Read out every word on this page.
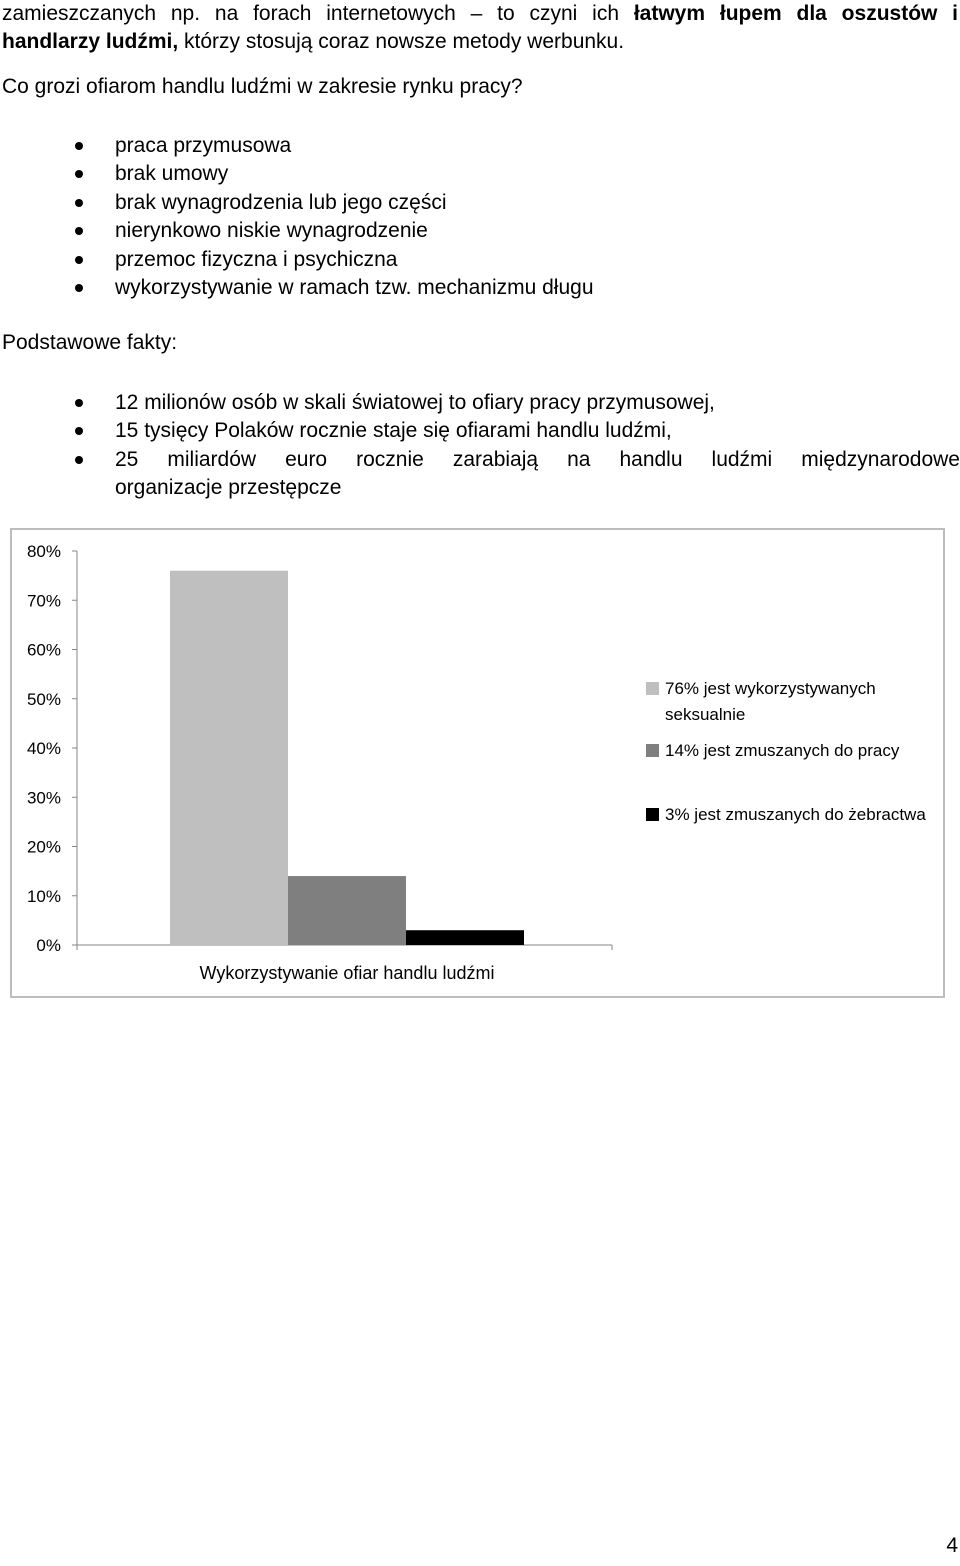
zamieszczanych np. na forach internetowych – to czyni ich łatwym łupem dla oszustów i
handlarzy ludźmi, którzy stosują coraz nowsze metody werbunku.
Co grozi ofiarom handlu ludźmi w zakresie rynku pracy?
praca przymusowa
brak umowy
brak wynagrodzenia lub jego części
nierynkowo niskie wynagrodzenie
przemoc fizyczna i psychiczna
wykorzystywanie w ramach tzw. mechanizmu długu
Podstawowe fakty:
12 milionów osób w skali światowej to ofiary pracy przymusowej,
15 tysięcy Polaków rocznie staje się ofiarami handlu ludźmi,
25 miliardów euro rocznie zarabiają na handlu ludźmi międzynarodowe
organizacje przestępcze
0%
10%
20%
30%
40%
50%
60%
70%
80%
Wykorzystywanie ofiar handlu ludźmi
76% jest wykorzystywanych seksualnie
14% jest zmuszanych do pracy
3% jest zmuszanych do żebractwa
4
